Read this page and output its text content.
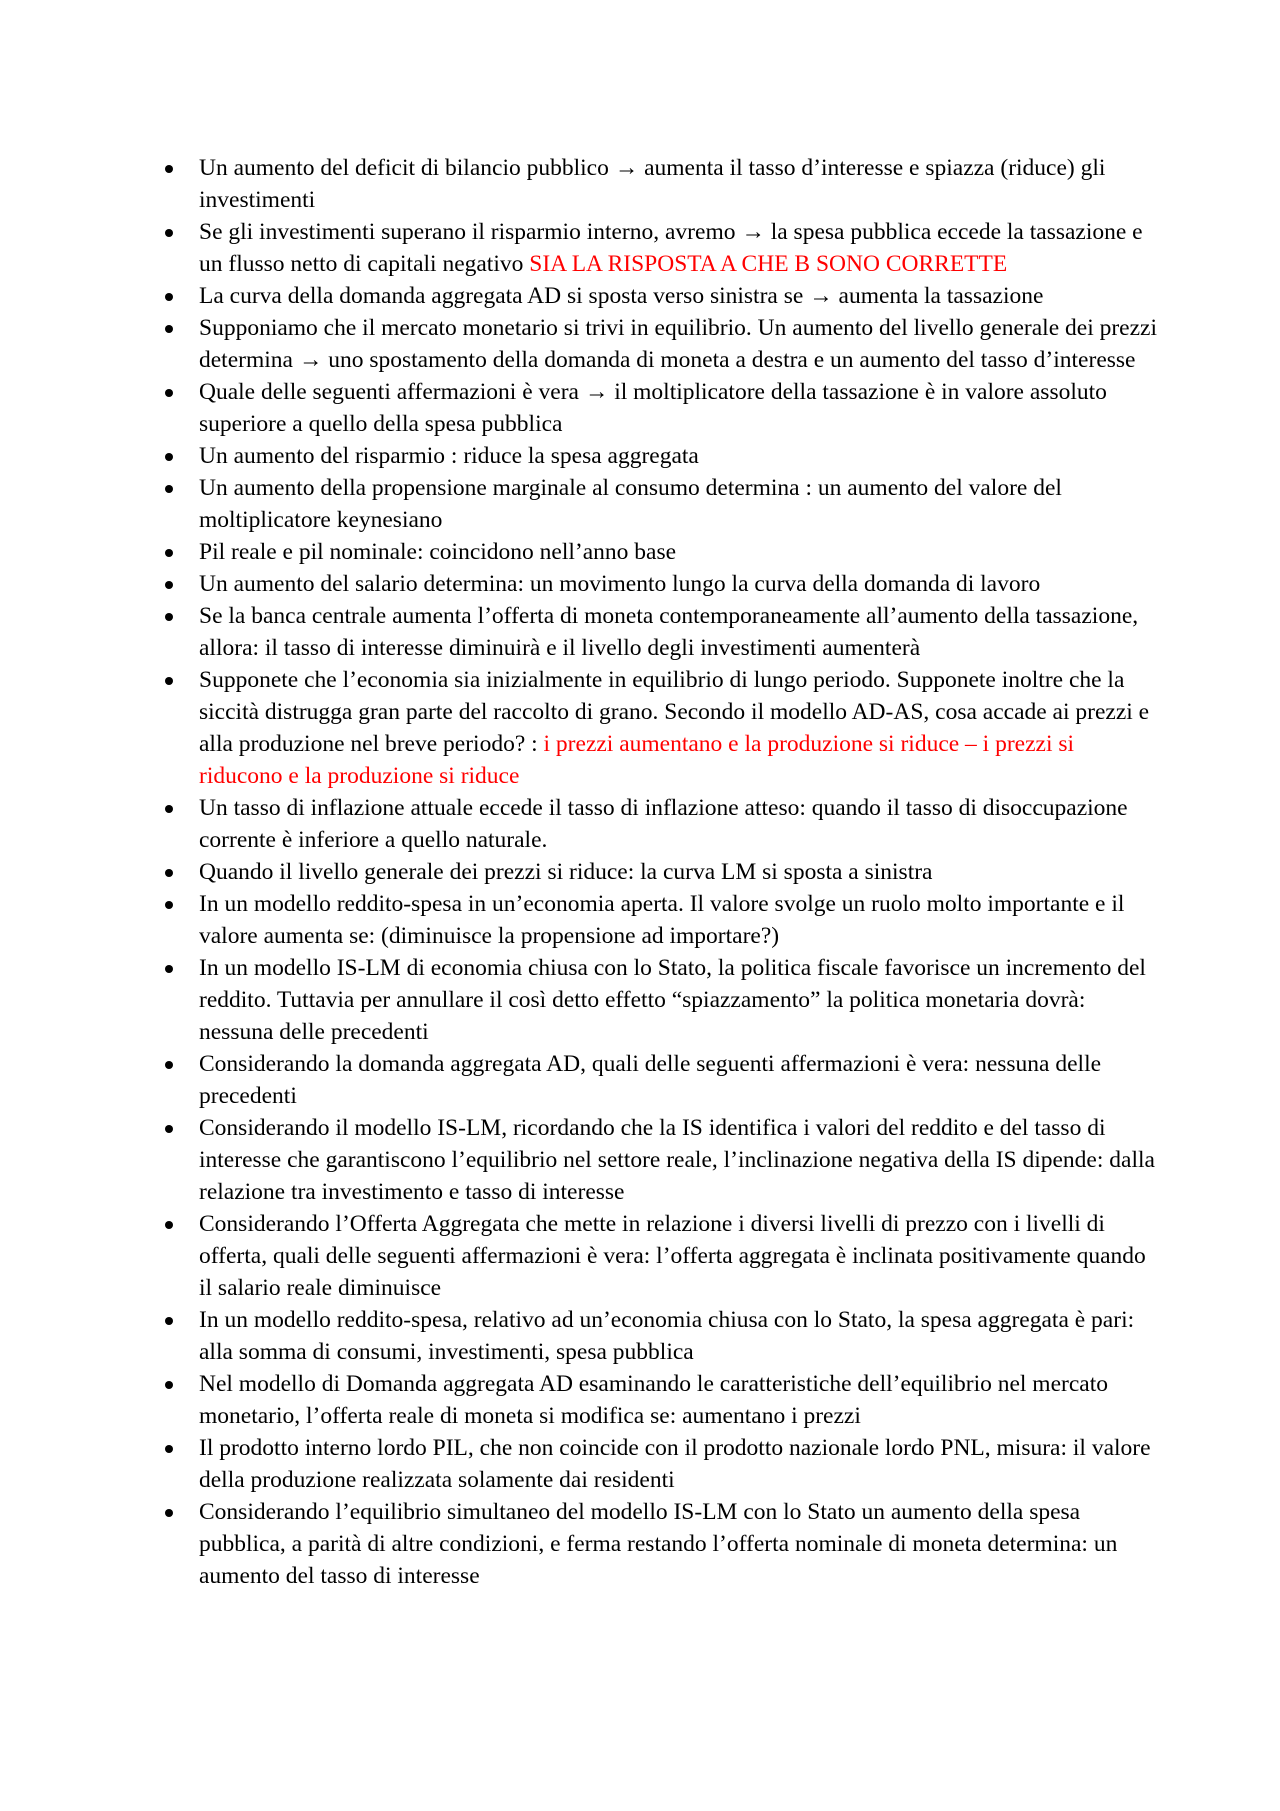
Un aumento del deficit di bilancio pubblico → aumenta il tasso d’interesse e spiazza (riduce) gli investimenti
Se gli investimenti superano il risparmio interno, avremo → la spesa pubblica eccede la tassazione e un flusso netto di capitali negativo SIA LA RISPOSTA A CHE B SONO CORRETTE
La curva della domanda aggregata AD si sposta verso sinistra se → aumenta la tassazione
Supponiamo che il mercato monetario si trivi in equilibrio. Un aumento del livello generale dei prezzi determina → uno spostamento della domanda di moneta a destra e un aumento del tasso d’interesse
Quale delle seguenti affermazioni è vera → il moltiplicatore della tassazione è in valore assoluto superiore a quello della spesa pubblica
Un aumento del risparmio : riduce la spesa aggregata
Un aumento della propensione marginale al consumo determina : un aumento del valore del moltiplicatore keynesiano
Pil reale e pil nominale: coincidono nell’anno base
Un aumento del salario determina: un movimento lungo la curva della domanda di lavoro
Se la banca centrale aumenta l’offerta di moneta contemporaneamente all’aumento della tassazione, allora: il tasso di interesse diminuirà e il livello degli investimenti aumenterà
Supponete che l’economia sia inizialmente in equilibrio di lungo periodo. Supponete inoltre che la siccità distrugga gran parte del raccolto di grano. Secondo il modello AD-AS, cosa accade ai prezzi e alla produzione nel breve periodo? : i prezzi aumentano e la produzione si riduce – i prezzi si riducono e la produzione si riduce
Un tasso di inflazione attuale eccede il tasso di inflazione atteso: quando il tasso di disoccupazione corrente è inferiore a quello naturale.
Quando il livello generale dei prezzi si riduce: la curva LM si sposta a sinistra
In un modello reddito-spesa in un’economia aperta. Il valore svolge un ruolo molto importante e il valore aumenta se: (diminuisce la propensione ad importare?)
In un modello IS-LM di economia chiusa con lo Stato, la politica fiscale favorisce un incremento del reddito. Tuttavia per annullare il così detto effetto “spiazzamento” la politica monetaria dovrà: nessuna delle precedenti
Considerando la domanda aggregata AD, quali delle seguenti affermazioni è vera: nessuna delle precedenti
Considerando il modello IS-LM, ricordando che la IS identifica i valori del reddito e del tasso di interesse che garantiscono l’equilibrio nel settore reale, l’inclinazione negativa della IS dipende: dalla relazione tra investimento e tasso di interesse
Considerando l’Offerta Aggregata che mette in relazione i diversi livelli di prezzo con i livelli di offerta, quali delle seguenti affermazioni è vera: l’offerta aggregata è inclinata positivamente quando il salario reale diminuisce
In un modello reddito-spesa, relativo ad un’economia chiusa con lo Stato, la spesa aggregata è pari: alla somma di consumi, investimenti, spesa pubblica
Nel modello di Domanda aggregata AD esaminando le caratteristiche dell’equilibrio nel mercato monetario, l’offerta reale di moneta si modifica se: aumentano i prezzi
Il prodotto interno lordo PIL, che non coincide con il prodotto nazionale lordo PNL, misura: il valore della produzione realizzata solamente dai residenti
Considerando l’equilibrio simultaneo del modello IS-LM con lo Stato un aumento della spesa pubblica, a parità di altre condizioni, e ferma restando l’offerta nominale di moneta determina: un aumento del tasso di interesse
